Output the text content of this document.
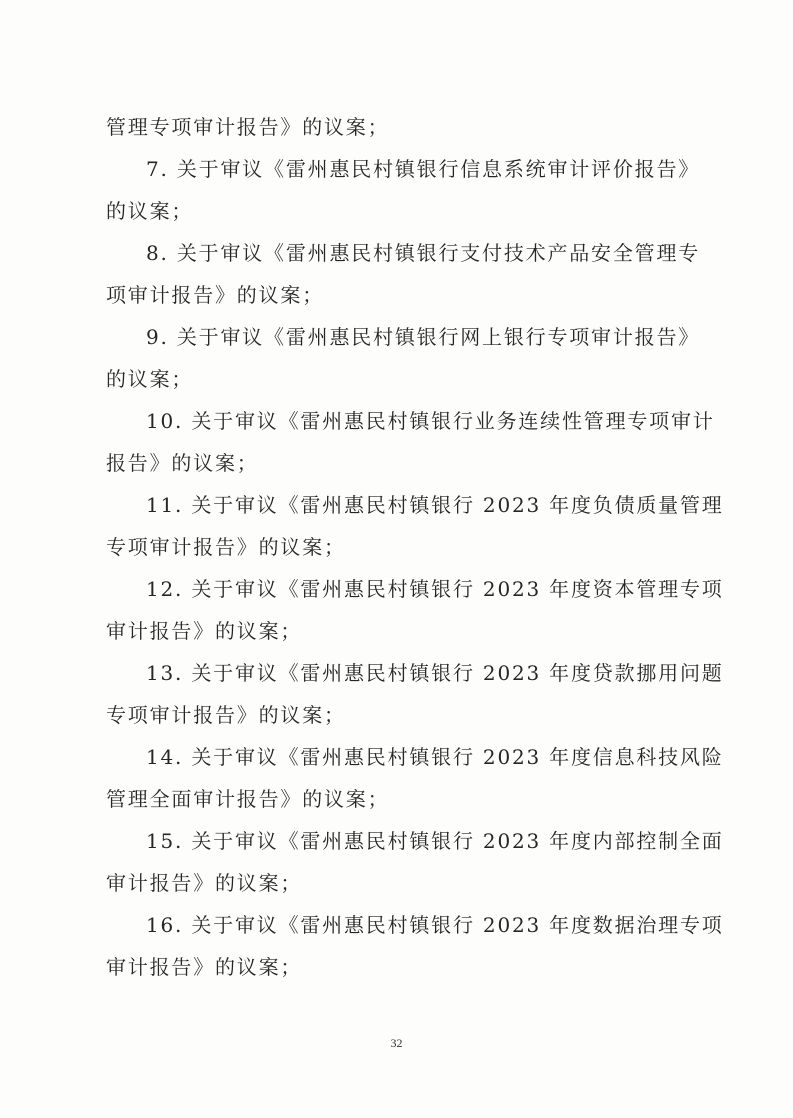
管理专项审计报告》的议案；
7. 关于审议《雷州惠民村镇银行信息系统审计评价报告》
的议案；
8. 关于审议《雷州惠民村镇银行支付技术产品安全管理专
项审计报告》的议案；
9. 关于审议《雷州惠民村镇银行网上银行专项审计报告》
的议案；
10. 关于审议《雷州惠民村镇银行业务连续性管理专项审计
报告》的议案；
11. 关于审议《雷州惠民村镇银行 2023 年度负债质量管理
专项审计报告》的议案；
12. 关于审议《雷州惠民村镇银行 2023 年度资本管理专项
审计报告》的议案；
13. 关于审议《雷州惠民村镇银行 2023 年度贷款挪用问题
专项审计报告》的议案；
14. 关于审议《雷州惠民村镇银行 2023 年度信息科技风险
管理全面审计报告》的议案；
15. 关于审议《雷州惠民村镇银行 2023 年度内部控制全面
审计报告》的议案；
16. 关于审议《雷州惠民村镇银行 2023 年度数据治理专项
审计报告》的议案；
32
